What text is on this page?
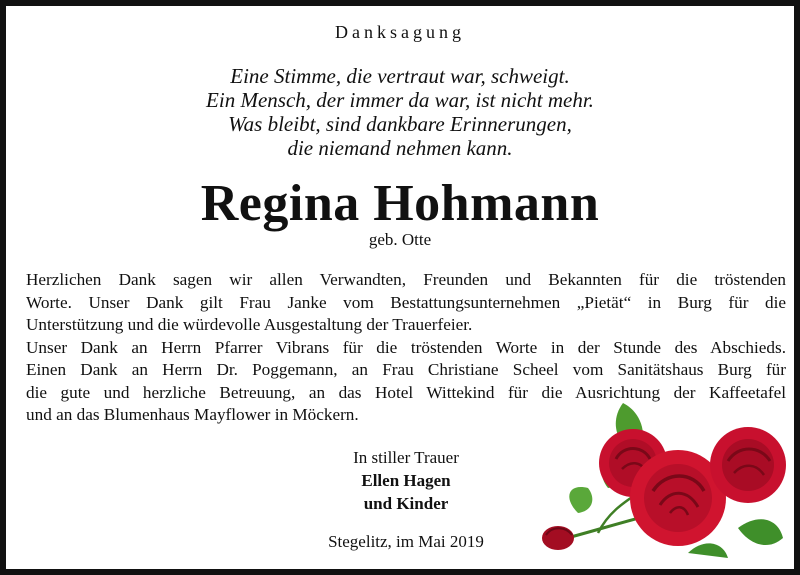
Danksagung
Eine Stimme, die vertraut war, schweigt.
Ein Mensch, der immer da war, ist nicht mehr.
Was bleibt, sind dankbare Erinnerungen,
die niemand nehmen kann.
Regina Hohmann
geb. Otte
Herzlichen Dank sagen wir allen Verwandten, Freunden und Bekannten für die tröstenden
Worte. Unser Dank gilt Frau Janke vom Bestattungsunternehmen „Pietät“ in Burg für die
Unterstützung und die würdevolle Ausgestaltung der Trauerfeier.
Unser Dank an Herrn Pfarrer Vibrans für die tröstenden Worte in der Stunde des Abschieds.
Einen Dank an Herrn Dr. Poggemann, an Frau Christiane Scheel vom Sanitätshaus Burg für
die gute und herzliche Betreuung, an das Hotel Wittekind für die Ausrichtung der Kaffeetafel
und an das Blumenhaus Mayflower in Möckern.
In stiller Trauer
Ellen Hagen
und Kinder
Stegelitz, im Mai 2019
